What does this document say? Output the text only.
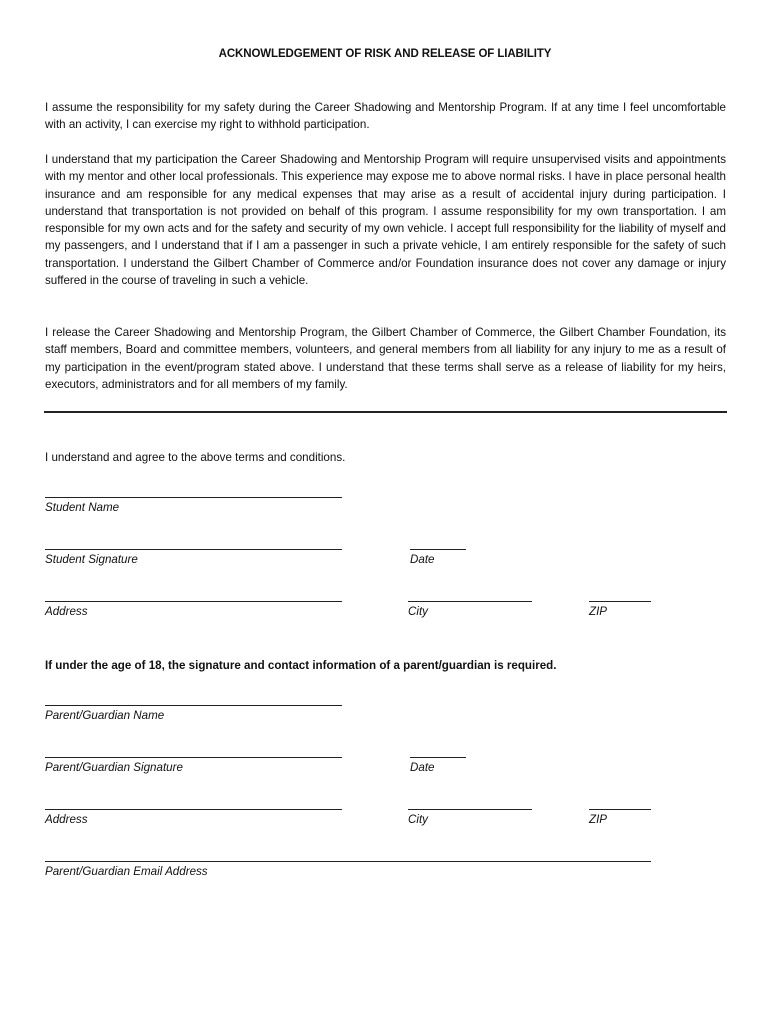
ACKNOWLEDGEMENT OF RISK AND RELEASE OF LIABILITY

I assume the responsibility for my safety during the Career Shadowing and Mentorship Program. If at any time I feel uncomfortable with an activity, I can exercise my right to withhold participation.

I understand that my participation the Career Shadowing and Mentorship Program will require unsupervised visits and appointments with my mentor and other local professionals. This experience may expose me to above normal risks. I have in place personal health insurance and am responsible for any medical expenses that may arise as a result of accidental injury during participation. I understand that transportation is not provided on behalf of this program. I assume responsibility for my own transportation. I am responsible for my own acts and for the safety and security of my own vehicle. I accept full responsibility for the liability of myself and my passengers, and I understand that if I am a passenger in such a private vehicle, I am entirely responsible for the safety of such transportation. I understand the Gilbert Chamber of Commerce and/or Foundation insurance does not cover any damage or injury suffered in the course of traveling in such a vehicle.

I release the Career Shadowing and Mentorship Program, the Gilbert Chamber of Commerce, the Gilbert Chamber Foundation, its staff members, Board and committee members, volunteers, and general members from all liability for any injury to me as a result of my participation in the event/program stated above. I understand that these terms shall serve as a release of liability for my heirs, executors, administrators and for all members of my family.

I understand and agree to the above terms and conditions.
Student Name
Student Signature	Date
Address	City	ZIP
If under the age of 18, the signature and contact information of a parent/guardian is required.
Parent/Guardian Name
Parent/Guardian Signature	Date
Address	City	ZIP
Parent/Guardian Email Address
